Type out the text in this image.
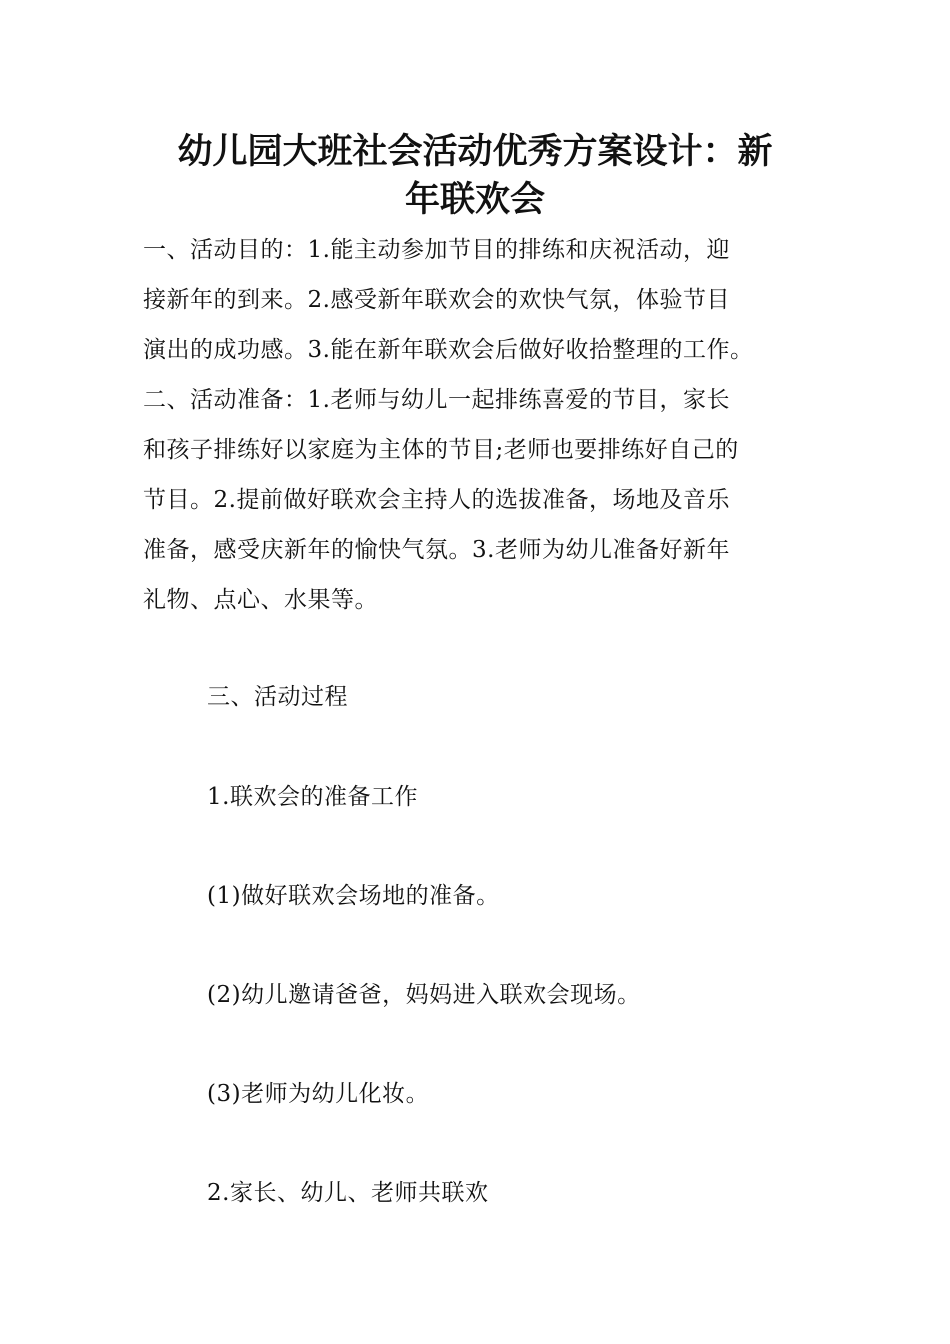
幼儿园大班社会活动优秀方案设计：新
年联欢会
一、活动目的：1.能主动参加节目的排练和庆祝活动，迎
接新年的到来。2.感受新年联欢会的欢快气氛，体验节目
演出的成功感。3.能在新年联欢会后做好收拾整理的工作。
二、活动准备：1.老师与幼儿一起排练喜爱的节目，家长
和孩子排练好以家庭为主体的节目;老师也要排练好自己的
节目。2.提前做好联欢会主持人的选拔准备，场地及音乐
准备，感受庆新年的愉快气氛。3.老师为幼儿准备好新年
礼物、点心、水果等。

三、活动过程

1.联欢会的准备工作

(1)做好联欢会场地的准备。

(2)幼儿邀请爸爸，妈妈进入联欢会现场。

(3)老师为幼儿化妆。

2.家长、幼儿、老师共联欢
